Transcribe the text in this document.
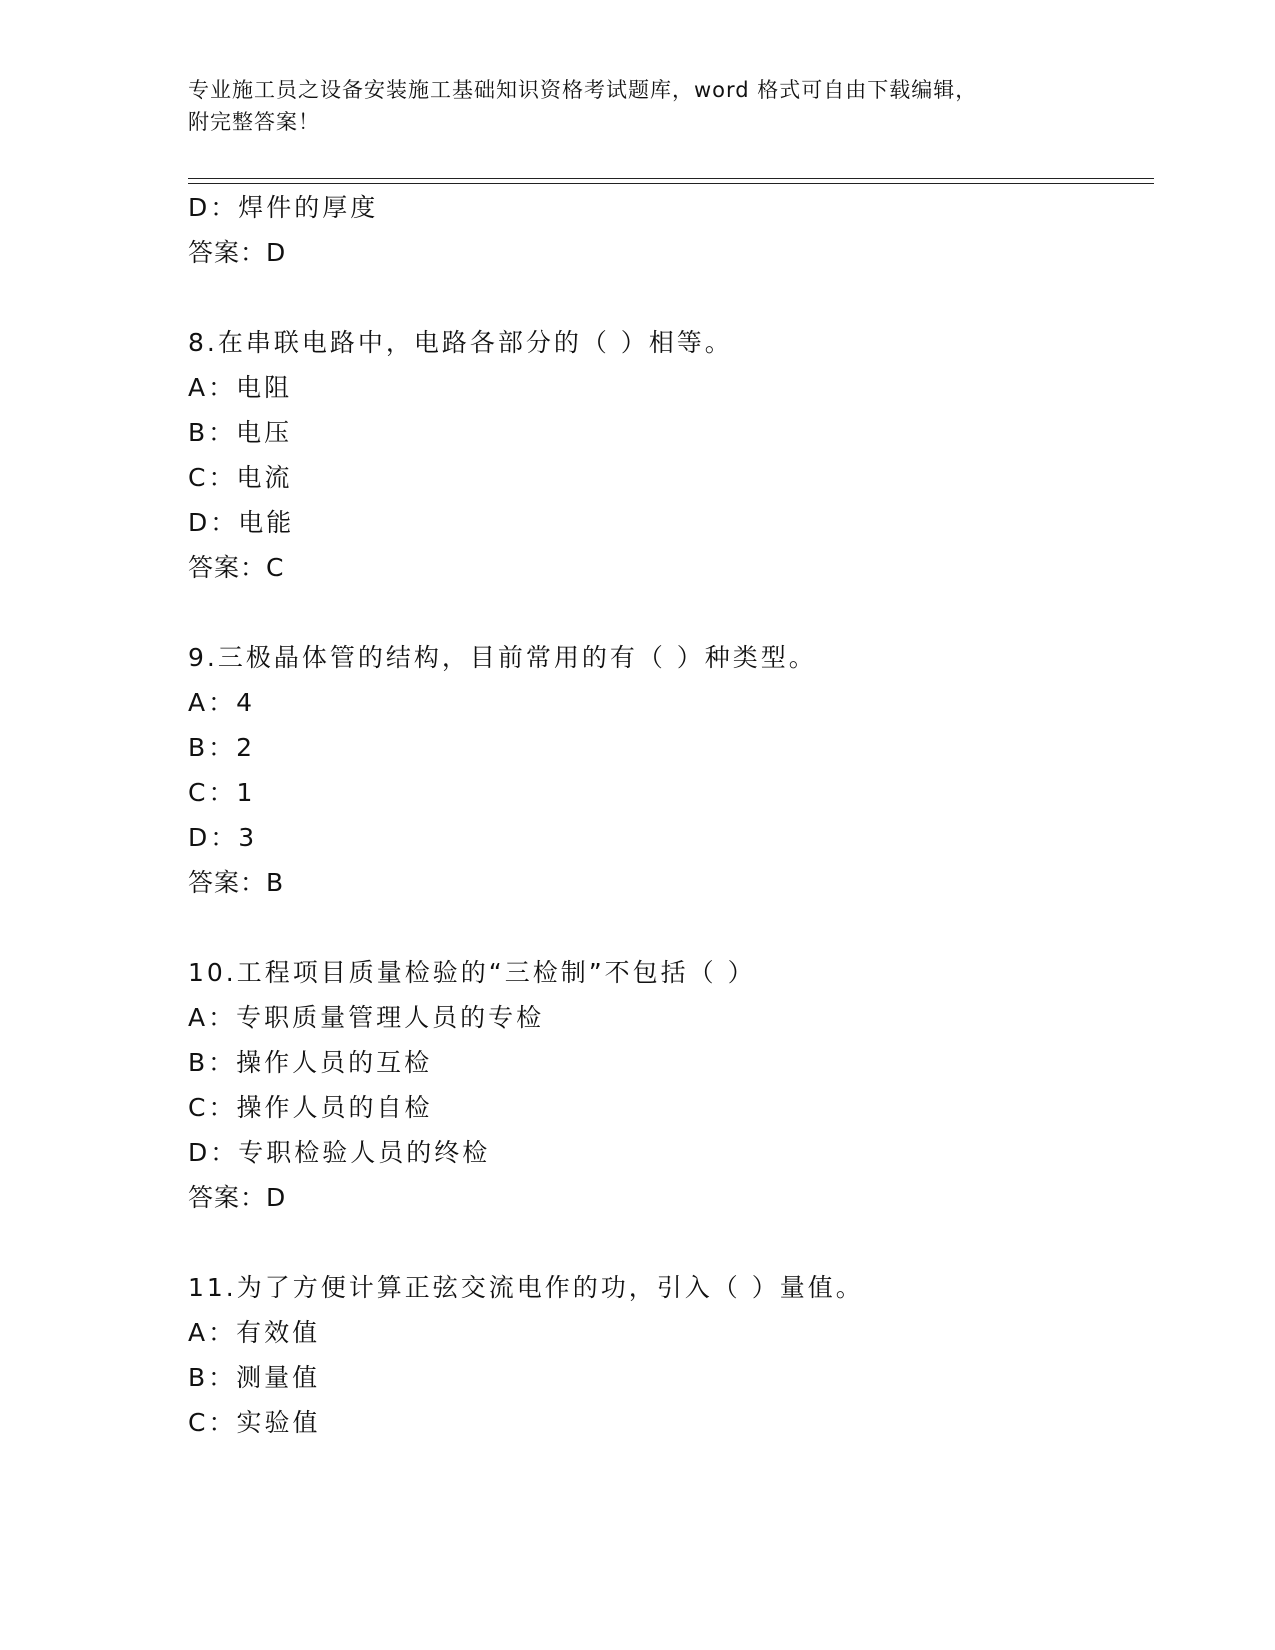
专业施工员之设备安装施工基础知识资格考试题库，word 格式可自由下载编辑，
附完整答案！
D：焊件的厚度
答案：D
8.在串联电路中，电路各部分的（ ）相等。
A：电阻
B：电压
C：电流
D：电能
答案：C
9.三极晶体管的结构，目前常用的有（ ）种类型。
A：4
B：2
C：1
D：3
答案：B
10.工程项目质量检验的“三检制”不包括（ ）
A：专职质量管理人员的专检
B：操作人员的互检
C：操作人员的自检
D：专职检验人员的终检
答案：D
11.为了方便计算正弦交流电作的功，引入（ ）量值。
A：有效值
B：测量值
C：实验值
